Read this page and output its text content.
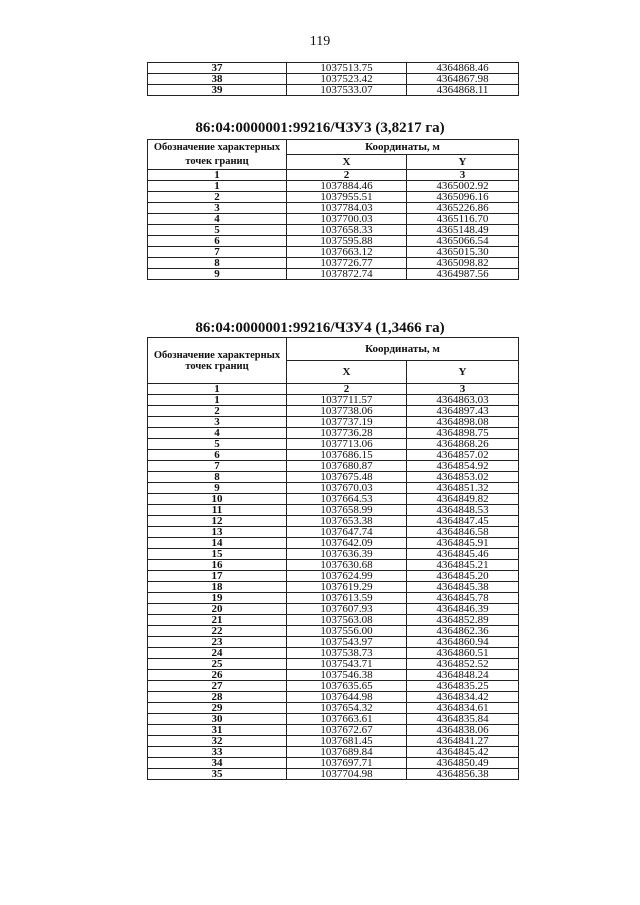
119
37	1037513.75	4364868.46
38	1037523.42	4364867.98
39	1037533.07	4364868.11
86:04:0000001:99216/ЧЗУ3 (3,8217 га)
Обозначение характерных точек границ	Координаты, м	
	X	Y
1	2	3
1	1037884.46	4365002.92
2	1037955.51	4365096.16
3	1037784.03	4365226.86
4	1037700.03	4365116.70
5	1037658.33	4365148.49
6	1037595.88	4365066.54
7	1037663.12	4365015.30
8	1037726.77	4365098.82
9	1037872.74	4364987.56
86:04:0000001:99216/ЧЗУ4 (1,3466 га)
Обозначение характерных точек границ	Координаты, м	
	X	Y
1	2	3
1	1037711.57	4364863.03
2	1037738.06	4364897.43
3	1037737.19	4364898.08
4	1037736.28	4364898.75
5	1037713.06	4364868.26
6	1037686.15	4364857.02
7	1037680.87	4364854.92
8	1037675.48	4364853.02
9	1037670.03	4364851.32
10	1037664.53	4364849.82
11	1037658.99	4364848.53
12	1037653.38	4364847.45
13	1037647.74	4364846.58
14	1037642.09	4364845.91
15	1037636.39	4364845.46
16	1037630.68	4364845.21
17	1037624.99	4364845.20
18	1037619.29	4364845.38
19	1037613.59	4364845.78
20	1037607.93	4364846.39
21	1037563.08	4364852.89
22	1037556.00	4364862.36
23	1037543.97	4364860.94
24	1037538.73	4364860.51
25	1037543.71	4364852.52
26	1037546.38	4364848.24
27	1037635.65	4364835.25
28	1037644.98	4364834.42
29	1037654.32	4364834.61
30	1037663.61	4364835.84
31	1037672.67	4364838.06
32	1037681.45	4364841.27
33	1037689.84	4364845.42
34	1037697.71	4364850.49
35	1037704.98	4364856.38
